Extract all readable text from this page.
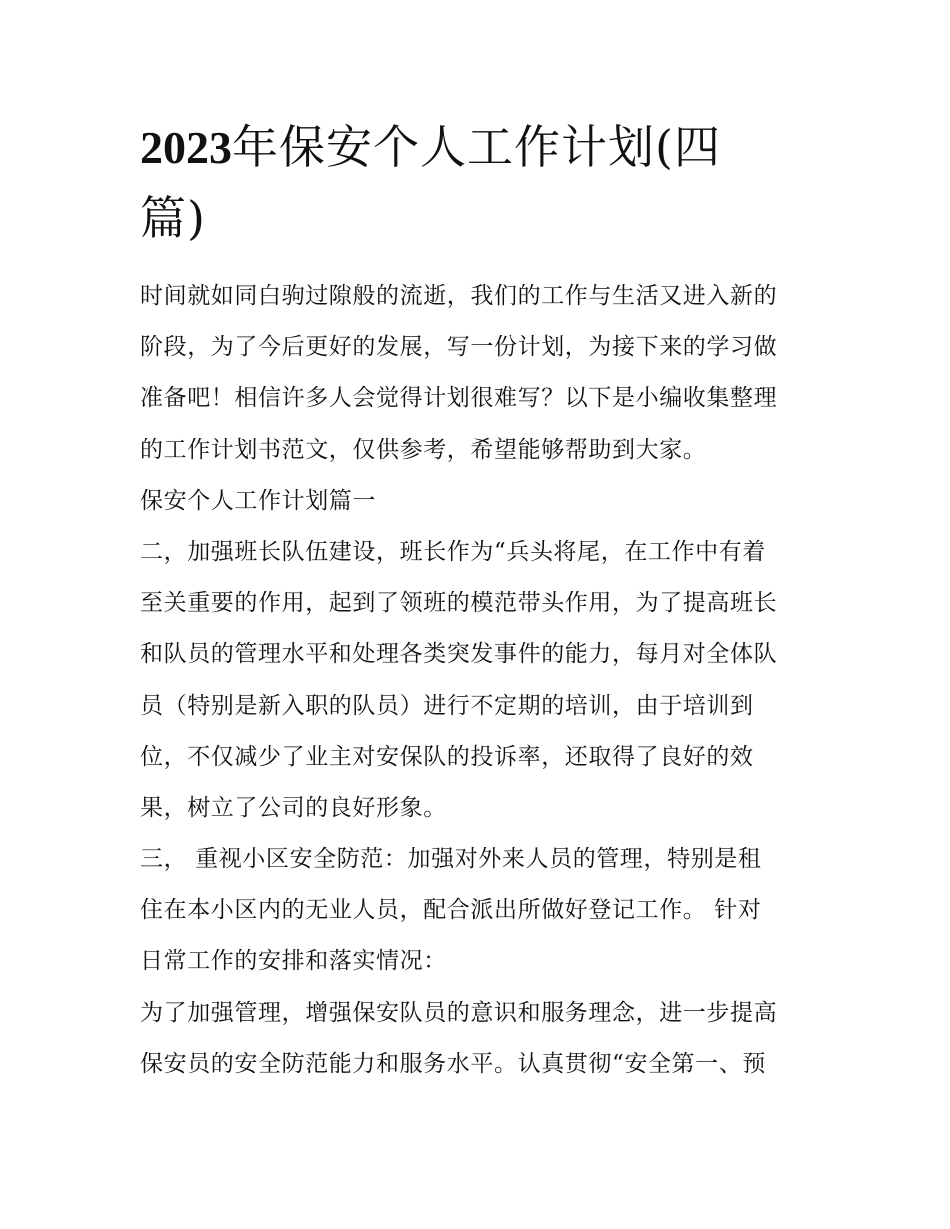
2023年保安个人工作计划(四
篇)
时间就如同白驹过隙般的流逝，我们的工作与生活又进入新的
阶段，为了今后更好的发展，写一份计划，为接下来的学习做
准备吧！相信许多人会觉得计划很难写？以下是小编收集整理
的工作计划书范文，仅供参考，希望能够帮助到大家。
保安个人工作计划篇一
二，加强班长队伍建设，班长作为“兵头将尾，在工作中有着
至关重要的作用，起到了领班的模范带头作用，为了提高班长
和队员的管理水平和处理各类突发事件的能力，每月对全体队
员（特别是新入职的队员）进行不定期的培训，由于培训到
位，不仅减少了业主对安保队的投诉率，还取得了良好的效
果，树立了公司的良好形象。
三， 重视小区安全防范：加强对外来人员的管理，特别是租
住在本小区内的无业人员，配合派出所做好登记工作。 针对
日常工作的安排和落实情况：
为了加强管理，增强保安队员的意识和服务理念，进一步提高
保安员的安全防范能力和服务水平。认真贯彻“安全第一、预
